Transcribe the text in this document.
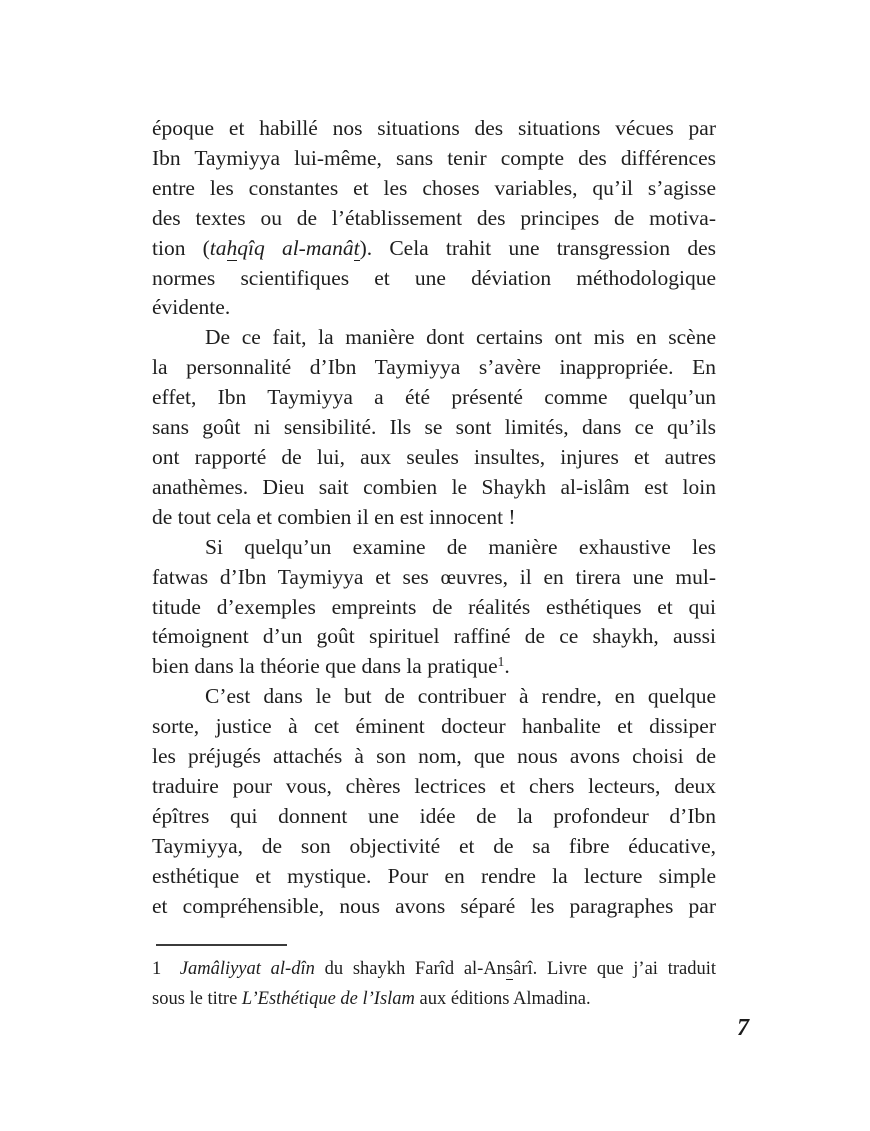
époque et habillé nos situations des situations vécues par
Ibn Taymiyya lui-même, sans tenir compte des différences
entre les constantes et les choses variables, qu’il s’agisse
des textes ou de l’établissement des principes de motiva-
tion (tahqîq al-manât). Cela trahit une transgression des
normes scientifiques et une déviation méthodologique
évidente.
De ce fait, la manière dont certains ont mis en scène
la personnalité d’Ibn Taymiyya s’avère inappropriée. En
effet, Ibn Taymiyya a été présenté comme quelqu’un
sans goût ni sensibilité. Ils se sont limités, dans ce qu’ils
ont rapporté de lui, aux seules insultes, injures et autres
anathèmes. Dieu sait combien le Shaykh al-islâm est loin
de tout cela et combien il en est innocent !
Si quelqu’un examine de manière exhaustive les
fatwas d’Ibn Taymiyya et ses œuvres, il en tirera une mul-
titude d’exemples empreints de réalités esthétiques et qui
témoignent d’un goût spirituel raffiné de ce shaykh, aussi
bien dans la théorie que dans la pratique$^1$.
C’est dans le but de contribuer à rendre, en quelque
sorte, justice à cet éminent docteur hanbalite et dissiper
les préjugés attachés à son nom, que nous avons choisi de
traduire pour vous, chères lectrices et chers lecteurs, deux
épîtres qui donnent une idée de la profondeur d’Ibn
Taymiyya, de son objectivité et de sa fibre éducative,
esthétique et mystique. Pour en rendre la lecture simple
et compréhensible, nous avons séparé les paragraphes par
1 Jamâliyyat al-dîn du shaykh Farîd al-Ansârî. Livre que j’ai traduit
sous le titre L’Esthétique de l’Islam aux éditions Almadina.
7
